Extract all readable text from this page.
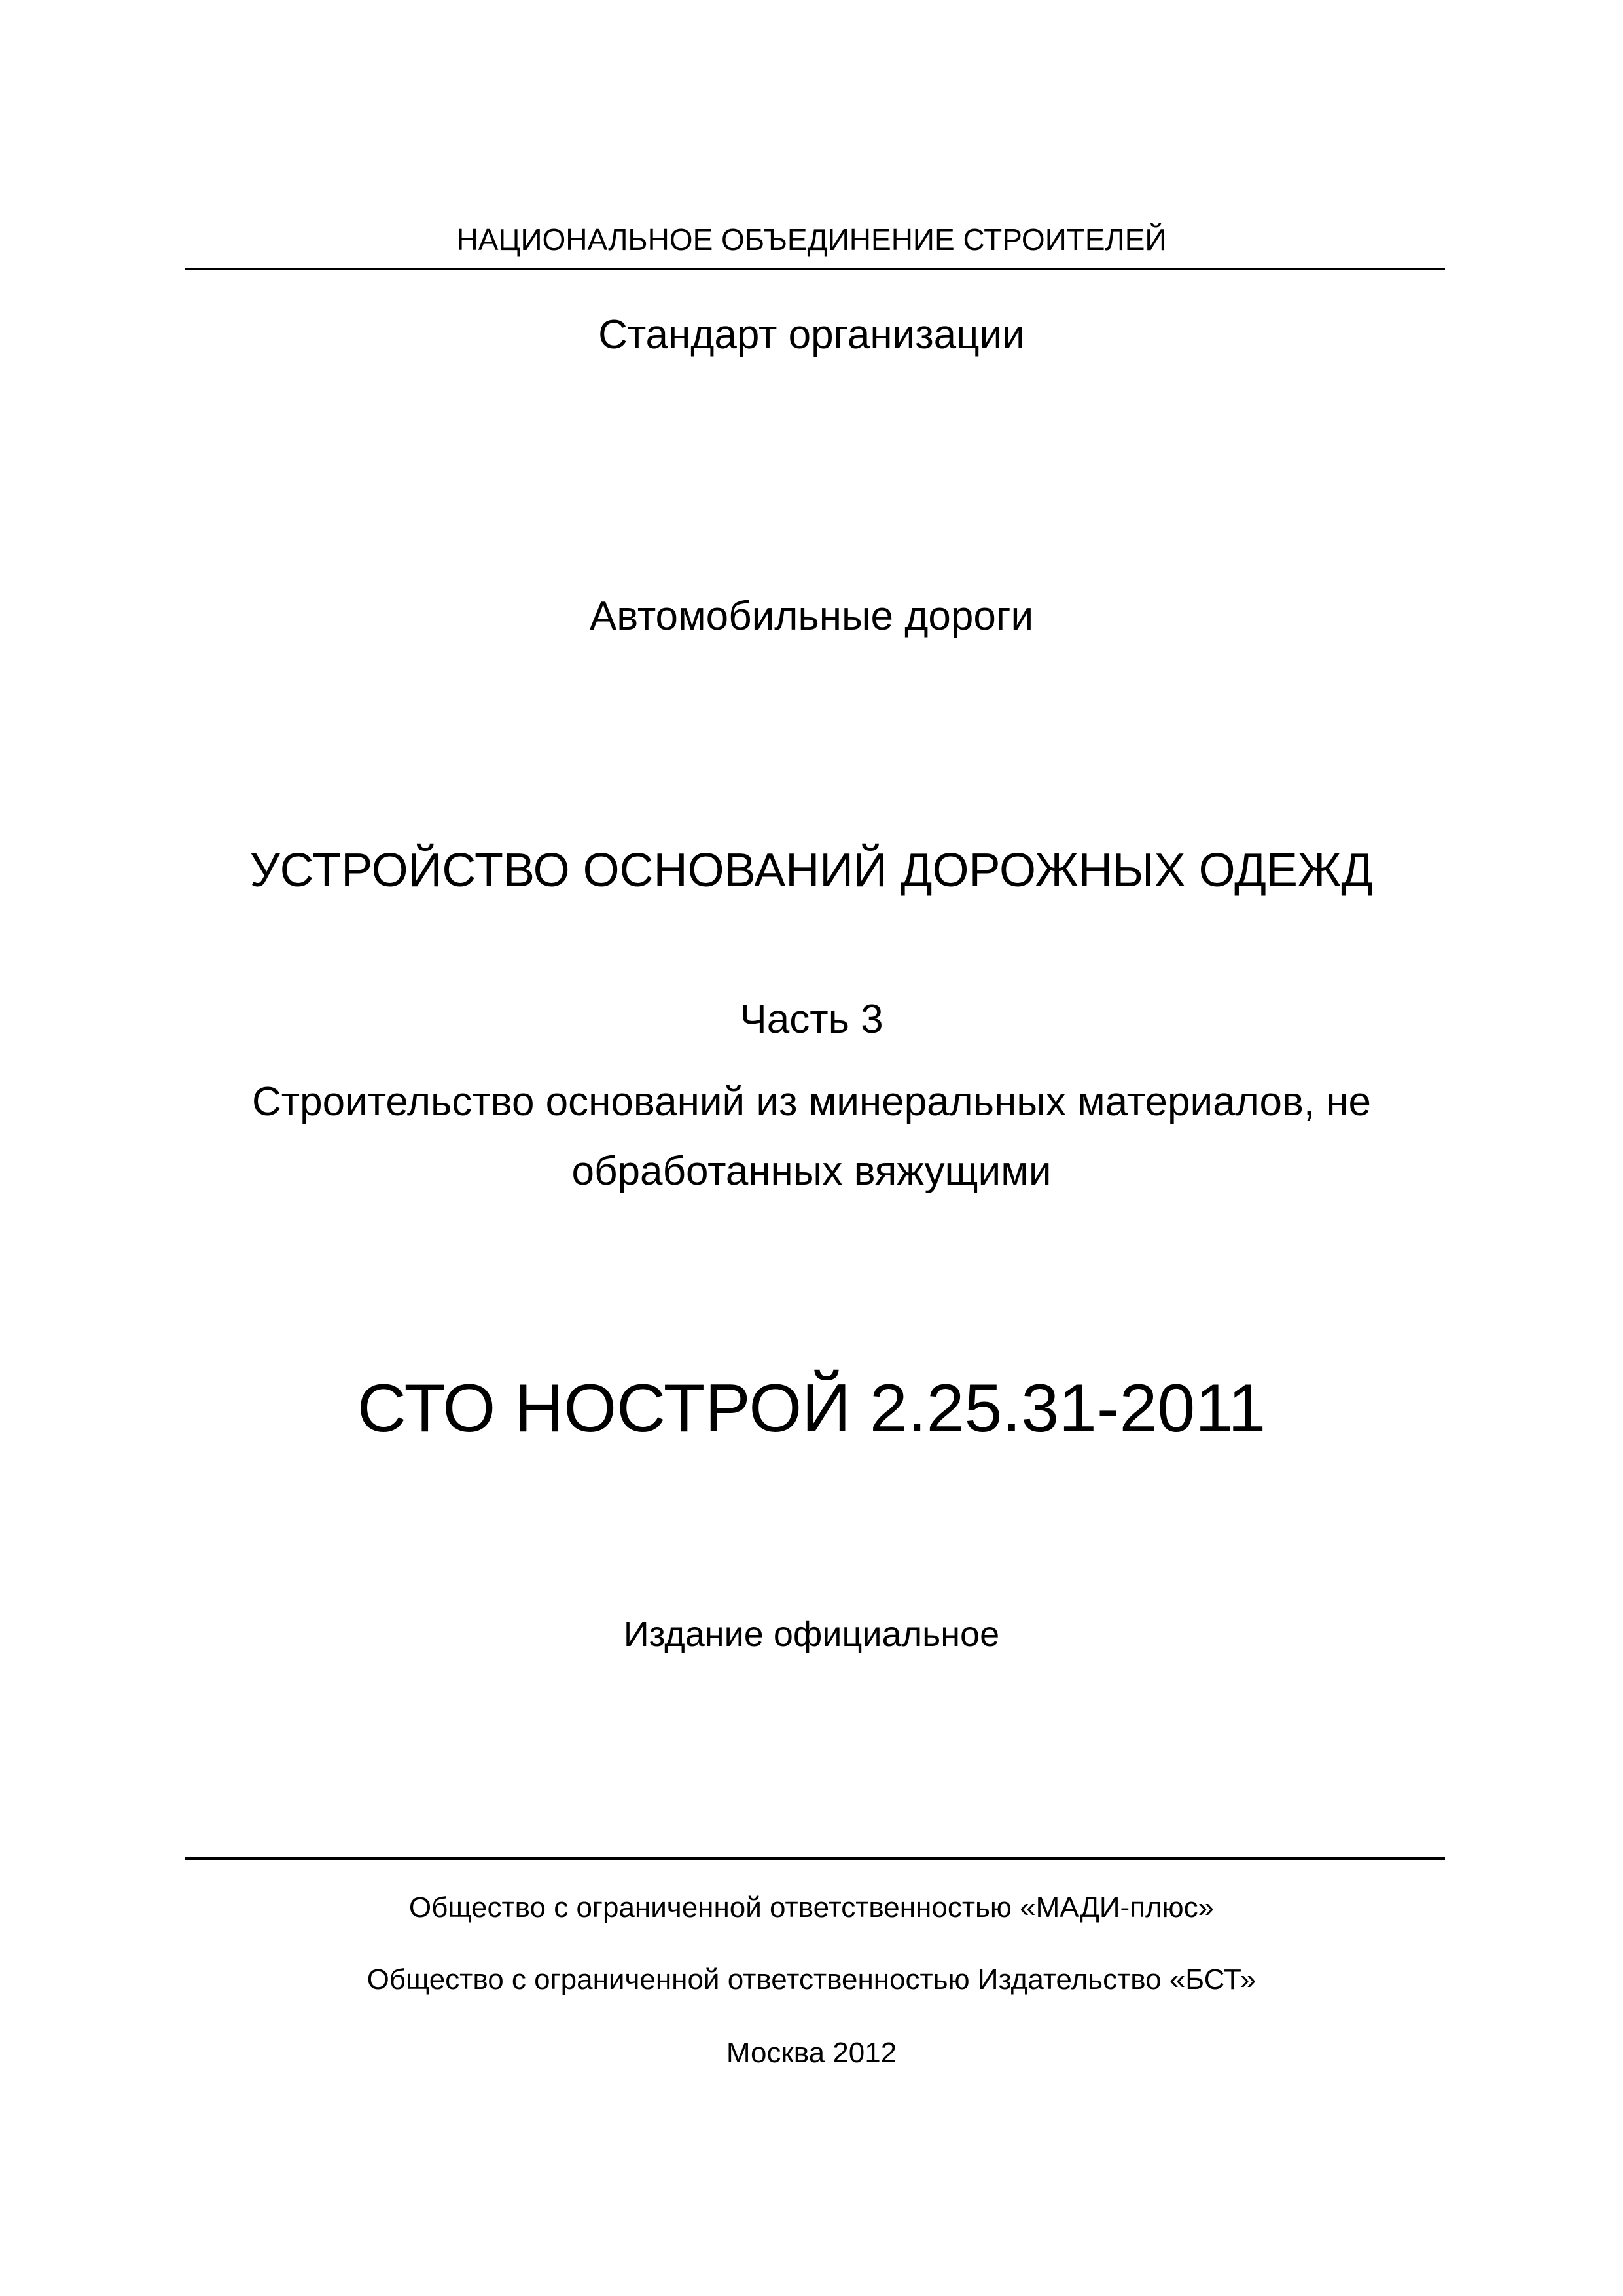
НАЦИОНАЛЬНОЕ ОБЪЕДИНЕНИЕ СТРОИТЕЛЕЙ
Стандарт организации
Автомобильные дороги
УСТРОЙСТВО ОСНОВАНИЙ ДОРОЖНЫХ ОДЕЖД
Часть 3
Строительство оснований из минеральных материалов, не
обработанных вяжущими
СТО НОСТРОЙ 2.25.31-2011
Издание официальное
Общество с ограниченной ответственностью «МАДИ-плюс»
Общество с ограниченной ответственностью Издательство «БСТ»
Москва 2012
